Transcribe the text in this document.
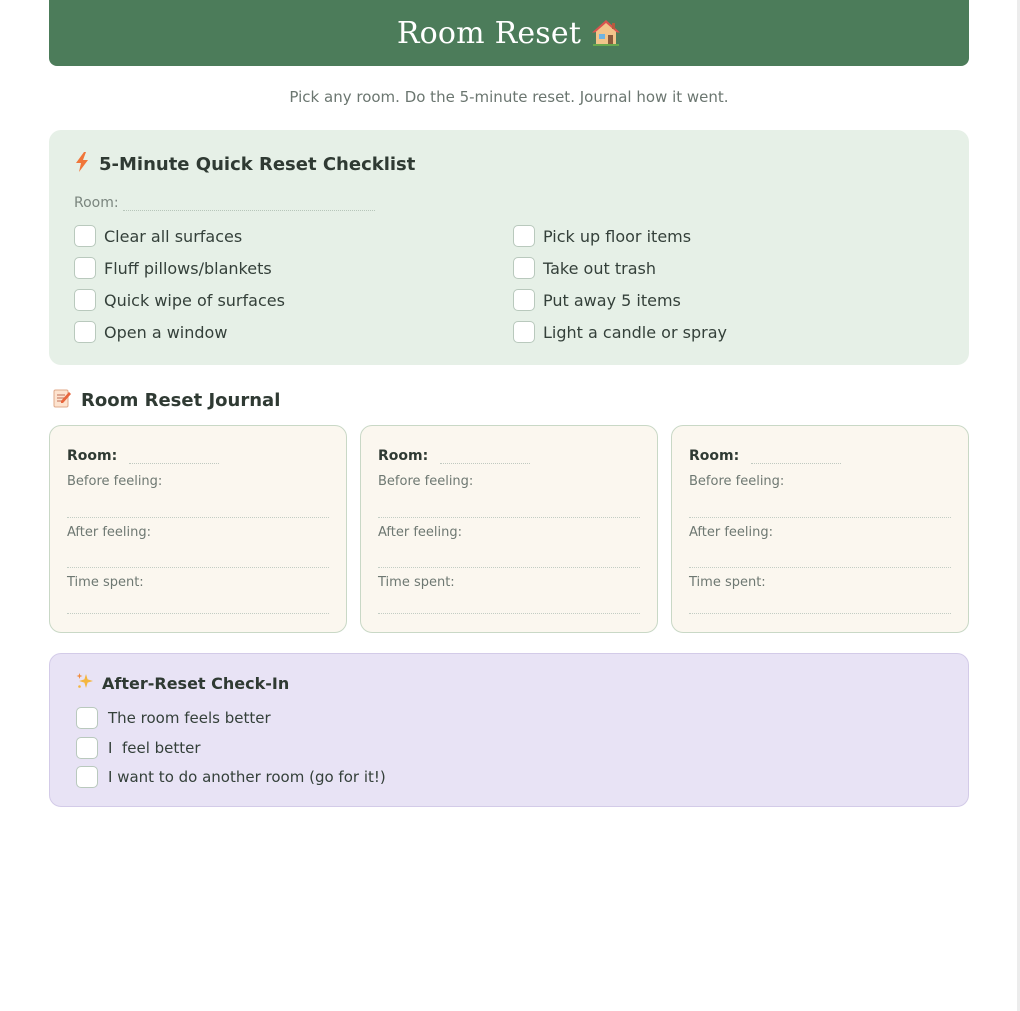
Room Reset
Pick any room. Do the 5-minute reset. Journal how it went.
5-Minute Quick Reset Checklist
Room:
Clear all surfaces
Fluff pillows/blankets
Quick wipe of surfaces
Open a window
Pick up floor items
Take out trash
Put away 5 items
Light a candle or spray
Room Reset Journal
Room:
Before feeling:
After feeling:
Time spent:
Room:
Before feeling:
After feeling:
Time spent:
Room:
Before feeling:
After feeling:
Time spent:
After-Reset Check-In
The room feels better
I  feel better
I want to do another room (go for it!)
